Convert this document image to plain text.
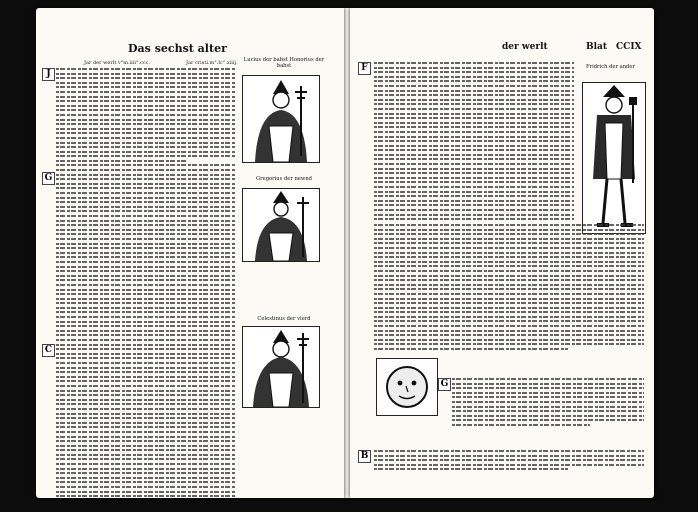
Das sechst alter
Jar der werlt v°m.iiii°.ccc.	Jar cristi.m°.lc°.xiiij.
J
G
C
Lucius der babst Honorius der babst
Gregorius der newnd
Celestinus der vierd
der werlt	Blat CCIX
Fridrich der ander
F
G
B
